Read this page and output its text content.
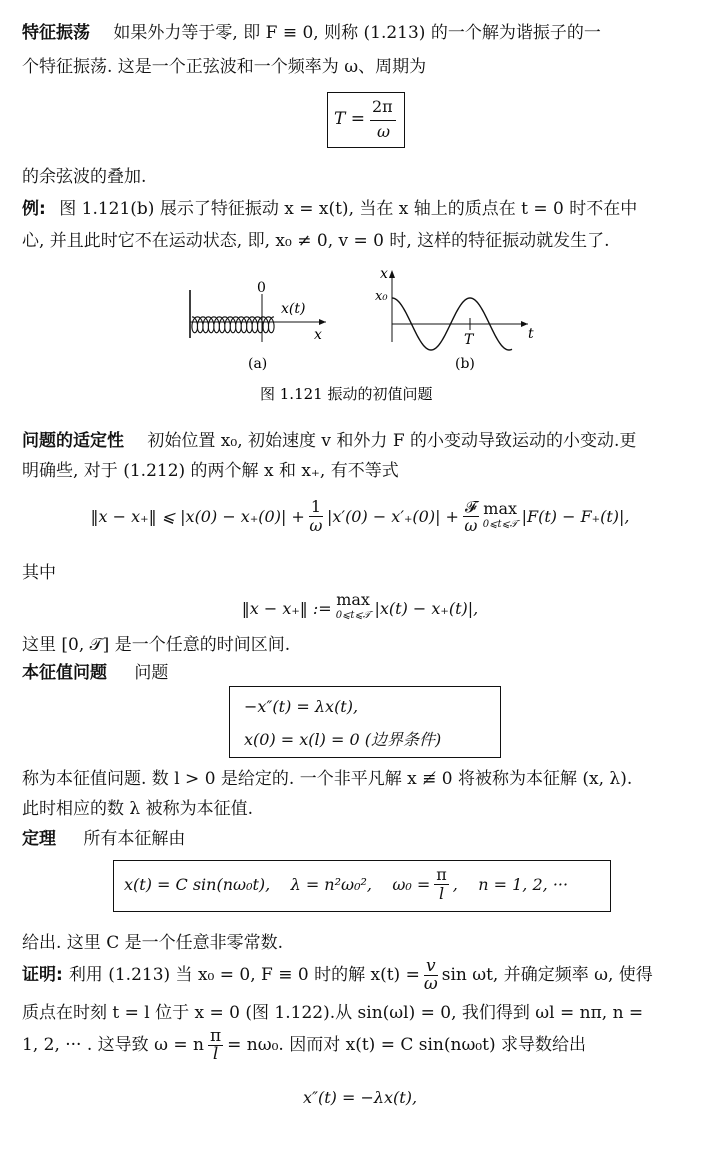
特征振荡 如果外力等于零, 即 F ≡ 0, 则称 (1.213) 的一个解为谐振子的一
个特征振荡. 这是一个正弦波和一个频率为 ω、周期为
T =
2π
ω
的余弦波的叠加.
例: 图 1.121(b) 展示了特征振动 x = x(t), 当在 x 轴上的质点在 t = 0 时不在中
心, 并且此时它不在运动状态, 即, x₀ ≠ 0, v = 0 时, 这样的特征振动就发生了.
0
x(t)
x
(a)
x
x₀
T	t
(b)
图 1.121 振动的初值问题
问题的适定性 初始位置 x₀, 初始速度 v 和外力 F 的小变动导致运动的小变动.更
明确些, 对于 (1.212) 的两个解 x 和 x₊, 有不等式
‖x − x₊‖ ⩽ $|x(0) - x_+(0)| + \frac{1}{\omega} |x'(0) - x'_+(0)|$ +
𝓕
ω
max
0⩽t⩽𝒯 |F(t) − F₊(t)|,
其中
‖x − x₊‖ := max
0⩽t⩽𝒯 |x(t) − x₊(t)|,
这里 [0, 𝒯] 是一个任意的时间区间.
本征值问题 问题
−x″(t) = λx(t),
x(0) = x(l) = 0 (边界条件)
称为本征值问题. 数 l > 0 是给定的. 一个非平凡解 x ≢ 0 将被称为本征解 (x, λ).
此时相应的数 λ 被称为本征值.
定理 所有本征解由
x(t) = C sin(nω₀t),    λ = n²ω₀²,    $\omega_0 = \frac{\pi}{l}$ ,    n = 1, 2, ···
给出. 这里 C 是一个任意非零常数.
证明: 利用 (1.213) 当 x₀ = 0, F ≡ 0 时的解 $x(t) = \frac{v}{\omega}$ sin ωt, 并确定频率 ω, 使得
质点在时刻 t = l 位于 x = 0 (图 1.122).从 sin(ωl) = 0, 我们得到 ωl = nπ, n =
1, 2, ··· . 这导致 ω = n $\frac{\pi}{l} = n\omega_0$. 因而对 x(t) = C sin(nω₀t) 求导数给出
x″(t) = −λx(t),
